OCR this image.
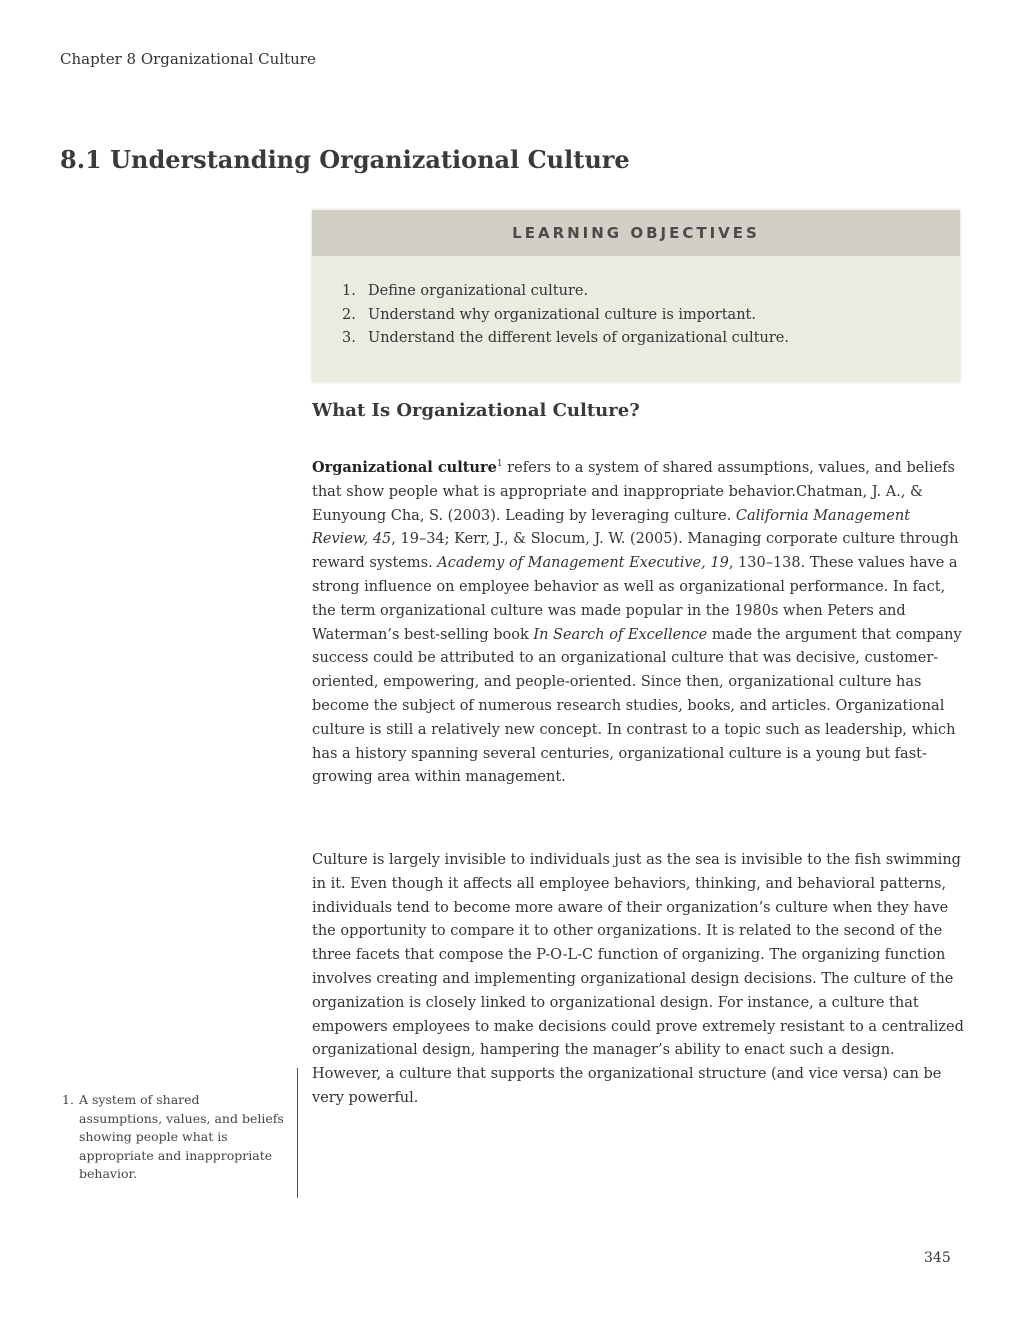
Chapter 8 Organizational Culture
8.1 Understanding Organizational Culture
LEARNING OBJECTIVES
1. Define organizational culture.
2. Understand why organizational culture is important.
3. Understand the different levels of organizational culture.
What Is Organizational Culture?

Organizational culture$^1$ refers to a system of shared assumptions, values, and beliefs that show people what is appropriate and inappropriate behavior.Chatman, J. A., & Eunyoung Cha, S. (2003). Leading by leveraging culture. California Management Review, 45, 19–34; Kerr, J., & Slocum, J. W. (2005). Managing corporate culture through reward systems. Academy of Management Executive, 19, 130–138. These values have a strong influence on employee behavior as well as organizational performance. In fact, the term organizational culture was made popular in the 1980s when Peters and Waterman’s best-selling book In Search of Excellence made the argument that company success could be attributed to an organizational culture that was decisive, customer-oriented, empowering, and people-oriented. Since then, organizational culture has become the subject of numerous research studies, books, and articles. Organizational culture is still a relatively new concept. In contrast to a topic such as leadership, which has a history spanning several centuries, organizational culture is a young but fast-growing area within management.

Culture is largely invisible to individuals just as the sea is invisible to the fish swimming in it. Even though it affects all employee behaviors, thinking, and behavioral patterns, individuals tend to become more aware of their organization’s culture when they have the opportunity to compare it to other organizations. It is related to the second of the three facets that compose the P-O-L-C function of organizing. The organizing function involves creating and implementing organizational design decisions. The culture of the organization is closely linked to organizational design. For instance, a culture that empowers employees to make decisions could prove extremely resistant to a centralized organizational design, hampering the manager’s ability to enact such a design. However, a culture that supports the organizational structure (and vice versa) can be very powerful.

1. A system of shared assumptions, values, and beliefs showing people what is appropriate and inappropriate behavior.
345
